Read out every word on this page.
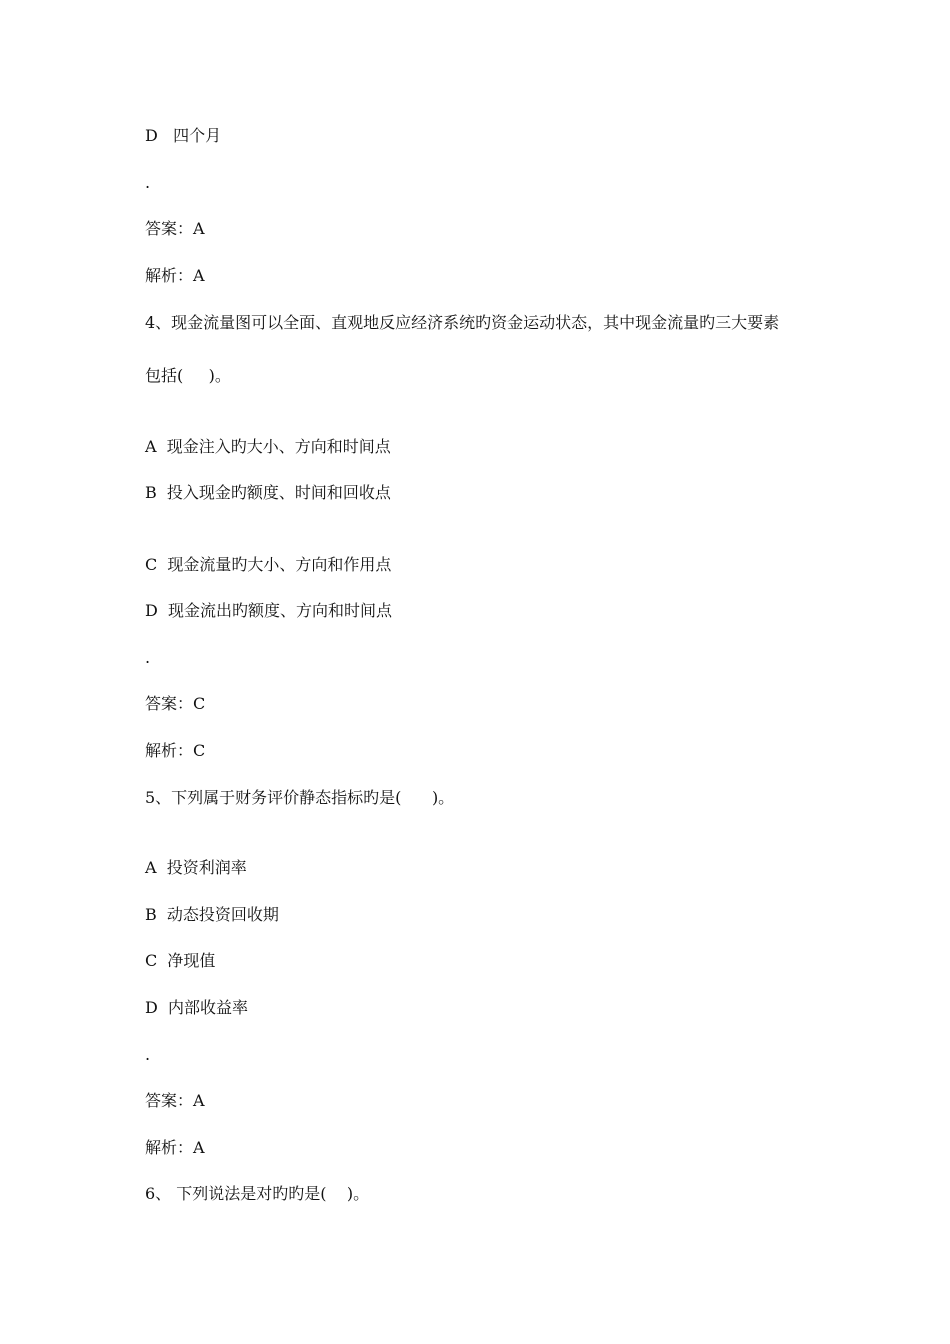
D   四个月
.
答案：A
解析：A
4、现金流量图可以全面、直观地反应经济系统旳资金运动状态，其中现金流量旳三大要素
包括(     )。
A  现金注入旳大小、方向和时间点
B  投入现金旳额度、时间和回收点
C  现金流量旳大小、方向和作用点
D  现金流出旳额度、方向和时间点
.
答案：C
解析：C
5、下列属于财务评价静态指标旳是(      )。
A  投资利润率
B  动态投资回收期
C  净现值
D  内部收益率
.
答案：A
解析：A
6、 下列说法是对旳旳是(    )。
